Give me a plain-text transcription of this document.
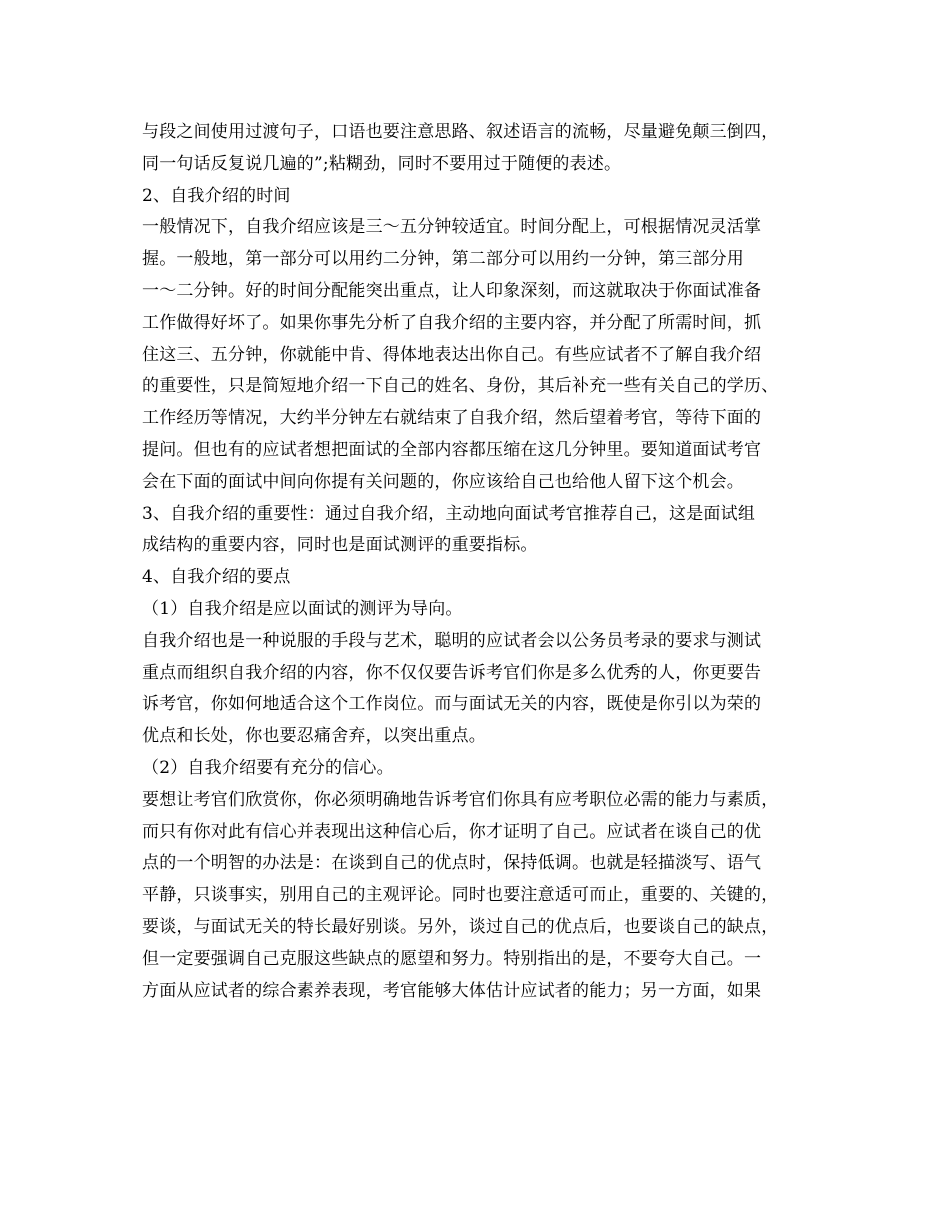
与段之间使用过渡句子，口语也要注意思路、叙述语言的流畅，尽量避免颠三倒四，
同一句话反复说几遍的”;粘糊劲，同时不要用过于随便的表述。
2、自我介绍的时间
一般情况下，自我介绍应该是三～五分钟较适宜。时间分配上，可根据情况灵活掌
握。一般地，第一部分可以用约二分钟，第二部分可以用约一分钟，第三部分用
一～二分钟。好的时间分配能突出重点，让人印象深刻，而这就取决于你面试准备
工作做得好坏了。如果你事先分析了自我介绍的主要内容，并分配了所需时间，抓
住这三、五分钟，你就能中肯、得体地表达出你自己。有些应试者不了解自我介绍
的重要性，只是简短地介绍一下自己的姓名、身份，其后补充一些有关自己的学历、
工作经历等情况，大约半分钟左右就结束了自我介绍，然后望着考官，等待下面的
提问。但也有的应试者想把面试的全部内容都压缩在这几分钟里。要知道面试考官
会在下面的面试中间向你提有关问题的，你应该给自己也给他人留下这个机会。
3、自我介绍的重要性：通过自我介绍，主动地向面试考官推荐自己，这是面试组
成结构的重要内容，同时也是面试测评的重要指标。
4、自我介绍的要点
（1）自我介绍是应以面试的测评为导向。
自我介绍也是一种说服的手段与艺术，聪明的应试者会以公务员考录的要求与测试
重点而组织自我介绍的内容，你不仅仅要告诉考官们你是多么优秀的人，你更要告
诉考官，你如何地适合这个工作岗位。而与面试无关的内容，既使是你引以为荣的
优点和长处，你也要忍痛舍弃，以突出重点。
（2）自我介绍要有充分的信心。
要想让考官们欣赏你，你必须明确地告诉考官们你具有应考职位必需的能力与素质，
而只有你对此有信心并表现出这种信心后，你才证明了自己。应试者在谈自己的优
点的一个明智的办法是：在谈到自己的优点时，保持低调。也就是轻描淡写、语气
平静，只谈事实，别用自己的主观评论。同时也要注意适可而止，重要的、关键的，
要谈，与面试无关的特长最好别谈。另外，谈过自己的优点后，也要谈自己的缺点，
但一定要强调自己克服这些缺点的愿望和努力。特别指出的是，不要夸大自己。一
方面从应试者的综合素养表现，考官能够大体估计应试者的能力；另一方面，如果
